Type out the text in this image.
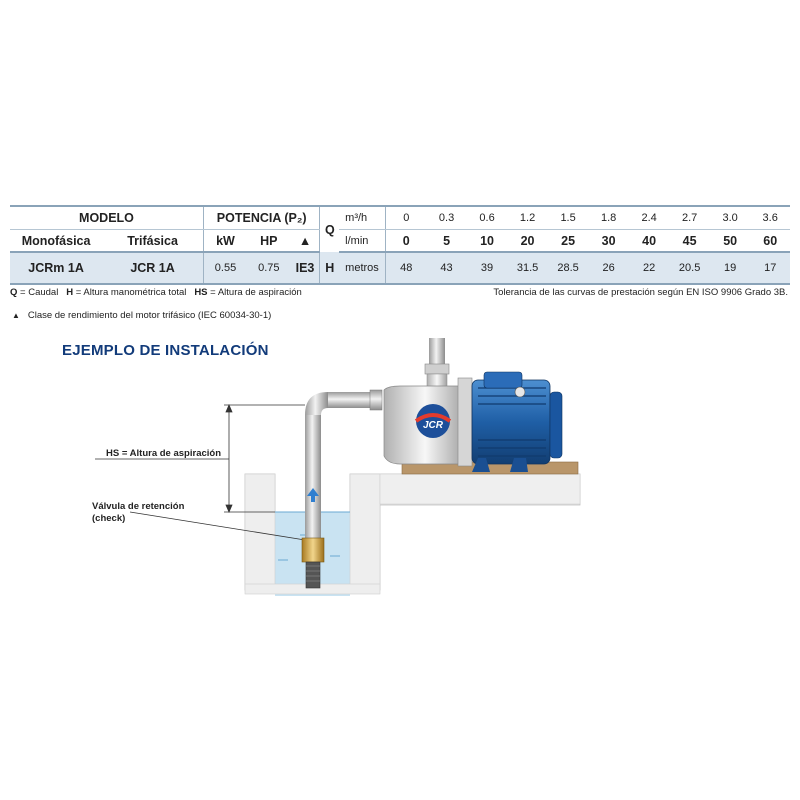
MODELO		POTENCIA (P₂)			Q	m³/h	0	0.3	0.6	1.2	1.5	1.8	2.4	2.7	3.0	3.6
Monofásica	Trifásica	kW	HP	▲		l/min	0	5	10	20	25	30	40	45	50	60
JCRm 1A	JCR 1A	0.55	0.75	IE3	H	metros	48	43	39	31.5	28.5	26	22	20.5	19	17
Q = Caudal H = Altura manométrica total HS = Altura de aspiración	Tolerancia de las curvas de prestación según EN ISO 9906 Grado 3B.
▲ Clase de rendimiento del motor trifásico (IEC 60034-30-1)
EJEMPLO DE INSTALACIÓN
HS = Altura de aspiración
Válvula de retención
(check)
JCR
